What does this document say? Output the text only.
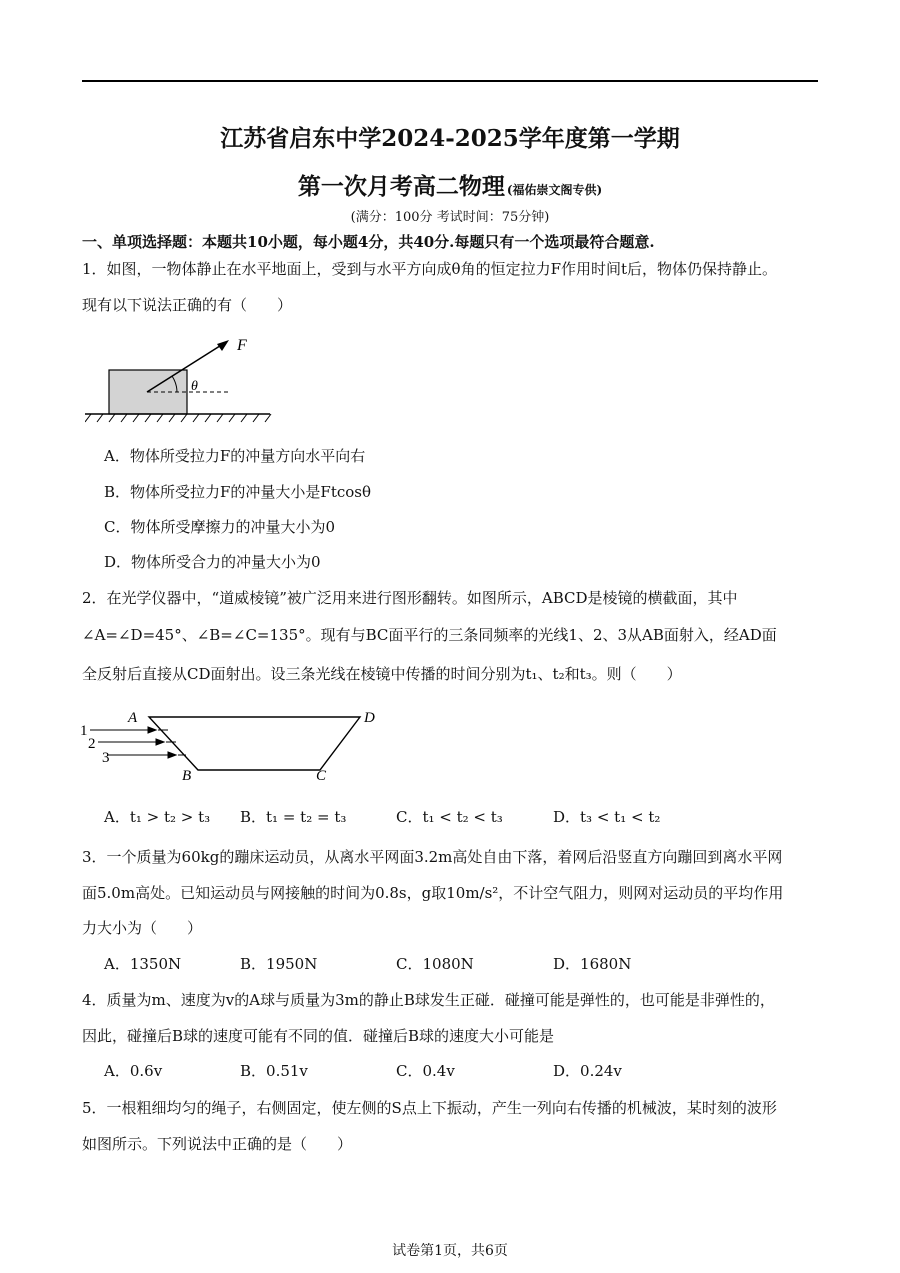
江苏省启东中学2024-2025学年度第一学期
第一次月考高二物理 (福佑崇文阁专供)
(满分：100分 考试时间：75分钟)
一、单项选择题：本题共10小题，每小题4分，共40分.每题只有一个选项最符合题意.
1．如图，一物体静止在水平地面上，受到与水平方向成θ角的恒定拉力F作用时间t后，物体仍保持静止。
现有以下说法正确的有（　　）
F
θ
A．物体所受拉力F的冲量方向水平向右
B．物体所受拉力F的冲量大小是Ftcosθ
C．物体所受摩擦力的冲量大小为0
D．物体所受合力的冲量大小为0
2．在光学仪器中，“道威棱镜”被广泛用来进行图形翻转。如图所示，ABCD是棱镜的横截面，其中
∠A=∠D=45°、∠B=∠C=135°。现有与BC面平行的三条同频率的光线1、2、3从AB面射入，经AD面
全反射后直接从CD面射出。设三条光线在棱镜中传播的时间分别为t₁、t₂和t₃。则（　　）
A	D
B	C
1
2
3
A．t₁ > t₂ > t₃ B．t₁ = t₂ = t₃	C．t₁ < t₂ < t₃	D．t₃ < t₁ < t₂
3．一个质量为60kg的蹦床运动员，从离水平网面3.2m高处自由下落，着网后沿竖直方向蹦回到离水平网
面5.0m高处。已知运动员与网接触的时间为0.8s，g取10m/s²，不计空气阻力，则网对运动员的平均作用
力大小为（　　）
A．1350N	B．1950N	C．1080N	D．1680N
4．质量为m、速度为v的A球与质量为3m的静止B球发生正碰．碰撞可能是弹性的，也可能是非弹性的，
因此，碰撞后B球的速度可能有不同的值．碰撞后B球的速度大小可能是
A．0.6v	B．0.51v	C．0.4v	D．0.24v
5．一根粗细均匀的绳子，右侧固定，使左侧的S点上下振动，产生一列向右传播的机械波，某时刻的波形
如图所示。下列说法中正确的是（　　）
试卷第1页，共6页
